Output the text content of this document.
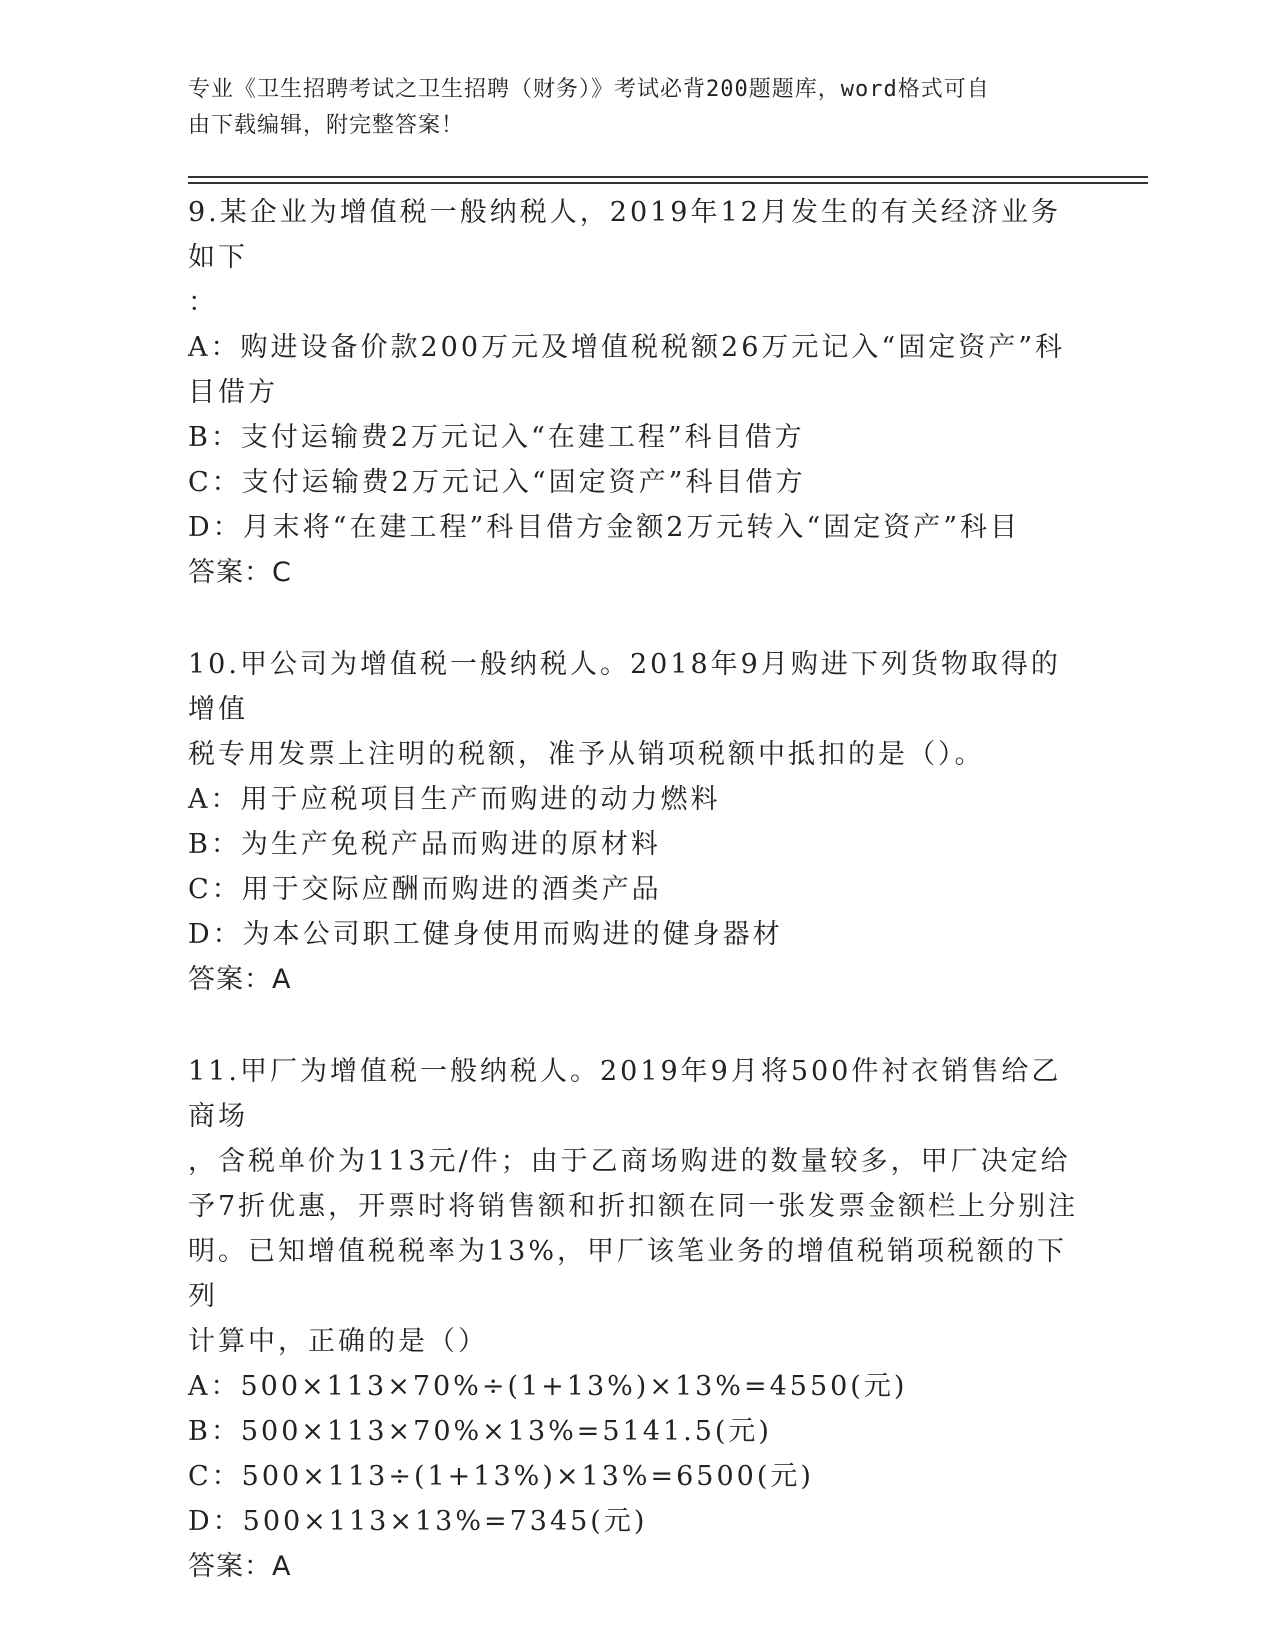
专业《卫生招聘考试之卫生招聘（财务）》考试必背200题题库，word格式可自
由下载编辑，附完整答案！
9.某企业为增值税一般纳税人，2019年12月发生的有关经济业务如下
：
A：购进设备价款200万元及增值税税额26万元记入“固定资产”科
目借方
B：支付运输费2万元记入“在建工程”科目借方
C：支付运输费2万元记入“固定资产”科目借方
D：月末将“在建工程”科目借方金额2万元转入“固定资产”科目
答案：C
10.甲公司为增值税一般纳税人。2018年9月购进下列货物取得的增值
税专用发票上注明的税额，准予从销项税额中抵扣的是（）。
A：用于应税项目生产而购进的动力燃料
B：为生产免税产品而购进的原材料
C：用于交际应酬而购进的酒类产品
D：为本公司职工健身使用而购进的健身器材
答案：A
11.甲厂为增值税一般纳税人。2019年9月将500件衬衣销售给乙商场
，含税单价为113元/件；由于乙商场购进的数量较多，甲厂决定给
予7折优惠，开票时将销售额和折扣额在同一张发票金额栏上分别注
明。已知增值税税率为13%，甲厂该笔业务的增值税销项税额的下列
计算中，正确的是（）
A：500×113×70%÷(1+13%)×13%=4550(元)
B：500×113×70%×13%=5141.5(元)
C：500×113÷(1+13%)×13%=6500(元)
D：500×113×13%=7345(元)
答案：A
